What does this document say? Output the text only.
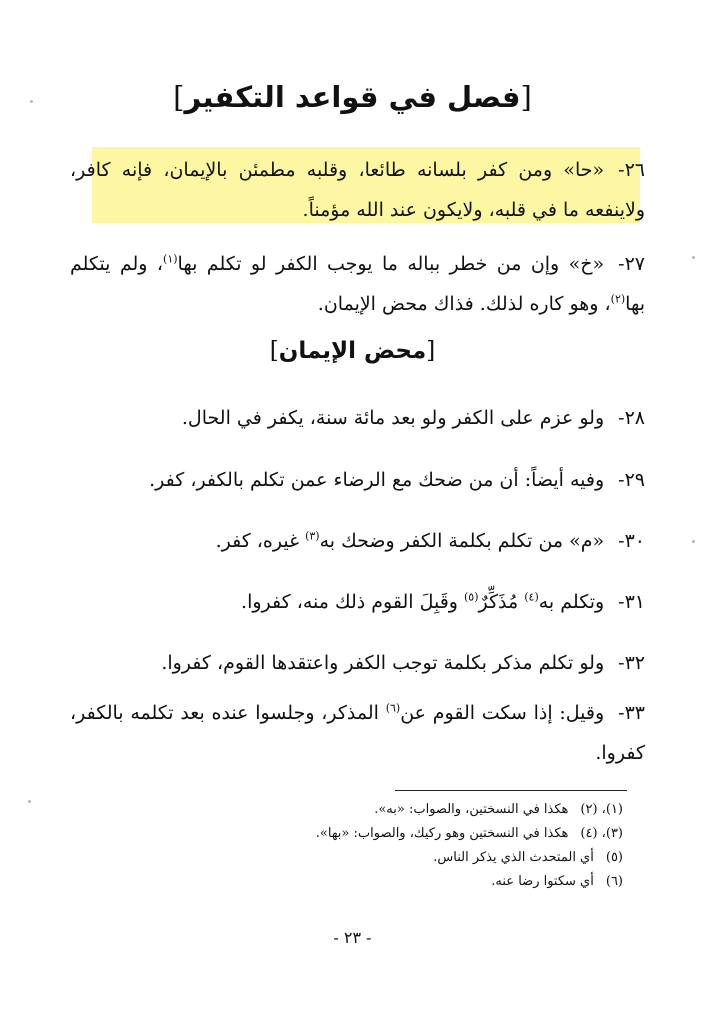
[فصل في قواعد التكفير]
٢٦-«حا» ومن كفر بلسانه طائعا، وقلبه مطمئن بالإيمان، فإنه كافر، ولاينفعه ما في قلبه، ولايكون عند الله مؤمناً.
٢٧-«خ» وإن من خطر بباله ما يوجب الكفر لو تكلم بها$^{(١)}$، ولم يتكلم بها$^{(٢)}$، وهو كاره لذلك. فذاك محض الإيمان.
[محض الإيمان]
٢٨-ولو عزم على الكفر ولو بعد مائة سنة، يكفر في الحال.
٢٩-وفيه أيضاً: أن من ضحك مع الرضاء عمن تكلم بالكفر، كفر.
٣٠-«م» من تكلم بكلمة الكفر وضحك به$^{(٣)}$ غيره، كفر.
٣١-وتكلم به$^{(٤)}$ مُذَكِّرٌ$^{(٥)}$ وقَبِلَ القوم ذلك منه، كفروا.
٣٢-ولو تكلم مذكر بكلمة توجب الكفر واعتقدها القوم، كفروا.
٣٣-وقيل: إذا سكت القوم عن$^{(٦)}$ المذكر، وجلسوا عنده بعد تكلمه بالكفر، كفروا.
(١)، (٢)هكذا في النسختين، والصواب: «به».
(٣)، (٤)هكذا في النسختين وهو ركيك، والصواب: «بها».
(٥)أي المتحدث الذي يذكر الناس.
(٦)أي سكتوا رضا عنه.
- ٢٣ -
